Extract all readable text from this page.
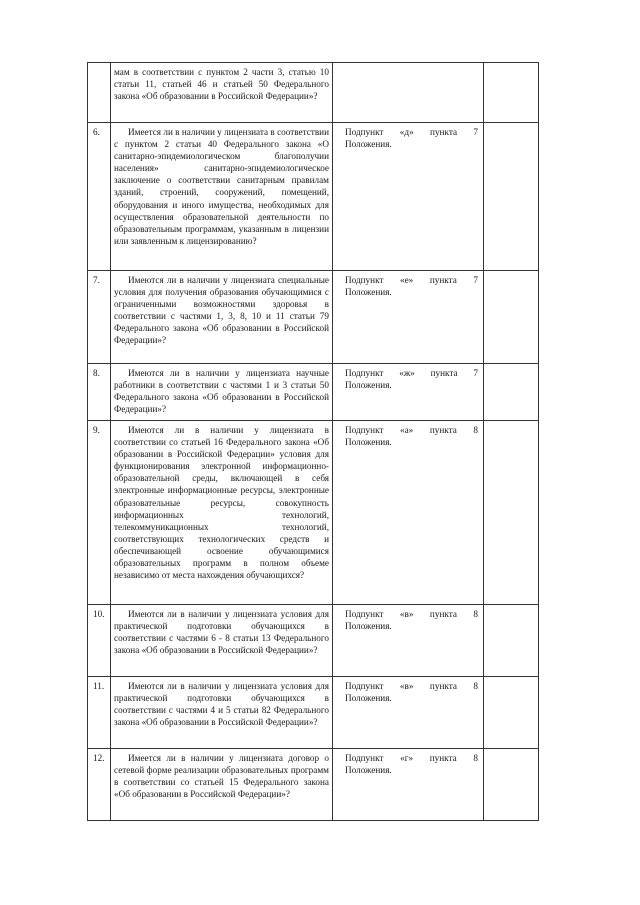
	мам в соответствии с пунктом 2 части 3, статью 10 статьи 11, статьей 46 и статьей 50 Федерального закона «Об образовании в Российской Федерации»?		
6.	Имеется ли в наличии у лицензиата в соответствии с пунктом 2 статьи 40 Федерального закона «О санитарно-эпидемиологическом благополучии населения» санитарно-эпидемиологическое заключение о соответствии санитарным правилам зданий, строений, сооружений, помещений, оборудования и иного имущества, необходимых для осуществления образовательной деятельности по образовательным программам, указанным в лицензии или заявленным к лицензированию?	Подпункт «д» пункта 7 Положения.	
7.	Имеются ли в наличии у лицензиата специальные условия для получения образования обучающимися с ограниченными возможностями здоровья в соответствии с частями 1, 3, 8, 10 и 11 статьи 79 Федерального закона «Об образовании в Российской Федерации»?	Подпункт «е» пункта 7 Положения.	
8.	Имеются ли в наличии у лицензиата научные работники в соответствии с частями 1 и 3 статьи 50 Федерального закона «Об образовании в Российской Федерации»?	Подпункт «ж» пункта 7 Положения.	
9.	Имеются ли в наличии у лицензиата в соответствии со статьей 16 Федерального закона «Об образовании в Российской Федерации» условия для функционирования электронной информационно-образовательной среды, включающей в себя электронные информационные ресурсы, электронные образовательные ресурсы, совокупность информационных технологий, телекоммуникационных технологий, соответствующих технологических средств и обеспечивающей освоение обучающимися образовательных программ в полном объеме независимо от места нахождения обучающихся?	Подпункт «а» пункта 8 Положения.	
10.	Имеются ли в наличии у лицензиата условия для практической подготовки обучающихся в соответствии с частями 6 - 8 статьи 13 Федерального закона «Об образовании в Российской Федерации»?	Подпункт «в» пункта 8 Положения.	
11.	Имеются ли в наличии у лицензиата условия для практической подготовки обучающихся в соответствии с частями 4 и 5 статьи 82 Федерального закона «Об образовании в Российской Федерации»?	Подпункт «в» пункта 8 Положения.	
12.	Имеется ли в наличии у лицензиата договор о сетевой форме реализации образовательных программ в соответствии со статьей 15 Федерального закона «Об образовании в Российской Федерации»?	Подпункт «г» пункта 8 Положения.	
